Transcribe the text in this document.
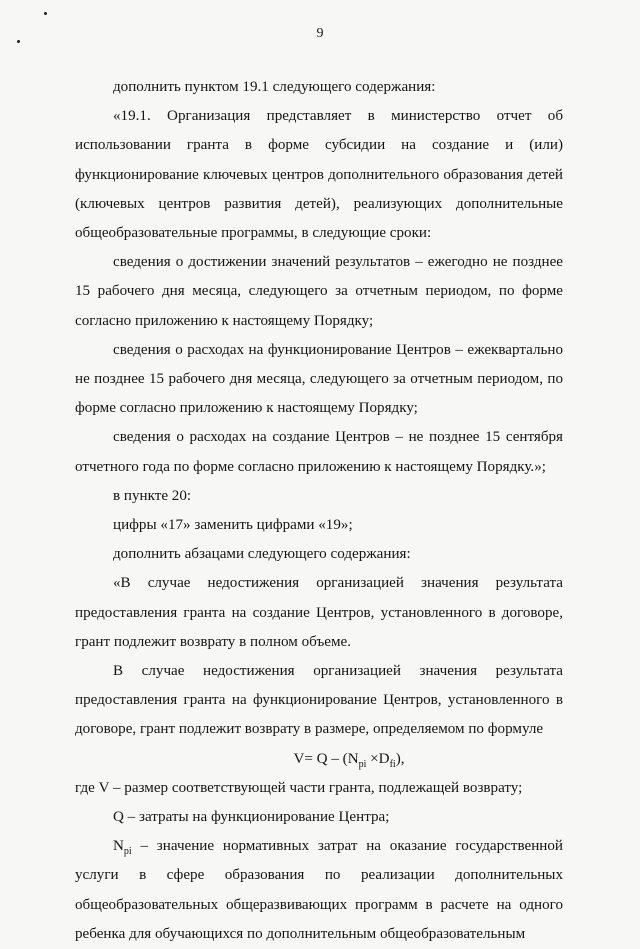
9

дополнить пунктом 19.1 следующего содержания:

«19.1. Организация представляет в министерство отчет об использовании гранта в форме субсидии на создание и (или) функционирование ключевых центров дополнительного образования детей (ключевых центров развития детей), реализующих дополнительные общеобразовательные программы, в следующие сроки:

сведения о достижении значений результатов – ежегодно не позднее 15 рабочего дня месяца, следующего за отчетным периодом, по форме согласно приложению к настоящему Порядку;

сведения о расходах на функционирование Центров – ежеквартально не позднее 15 рабочего дня месяца, следующего за отчетным периодом, по форме согласно приложению к настоящему Порядку;

сведения о расходах на создание Центров – не позднее 15 сентября отчетного года по форме согласно приложению к настоящему Порядку.»;

в пункте 20:

цифры «17» заменить цифрами «19»;

дополнить абзацами следующего содержания:

«В случае недостижения организацией значения результата предоставления гранта на создание Центров, установленного в договоре, грант подлежит возврату в полном объеме.

В случае недостижения организацией значения результата предоставления гранта на функционирование Центров, установленного в договоре, грант подлежит возврату в размере, определяемом по формуле

$V= Q - (N_{pi} \times D_{fi})$,

где V – размер соответствующей части гранта, подлежащей возврату;

Q – затраты на функционирование Центра;

$N_{pi}$ – значение нормативных затрат на оказание государственной услуги в сфере образования по реализации дополнительных общеобразовательных общеразвивающих программ в расчете на одного ребенка для обучающихся по дополнительным общеобразовательным
